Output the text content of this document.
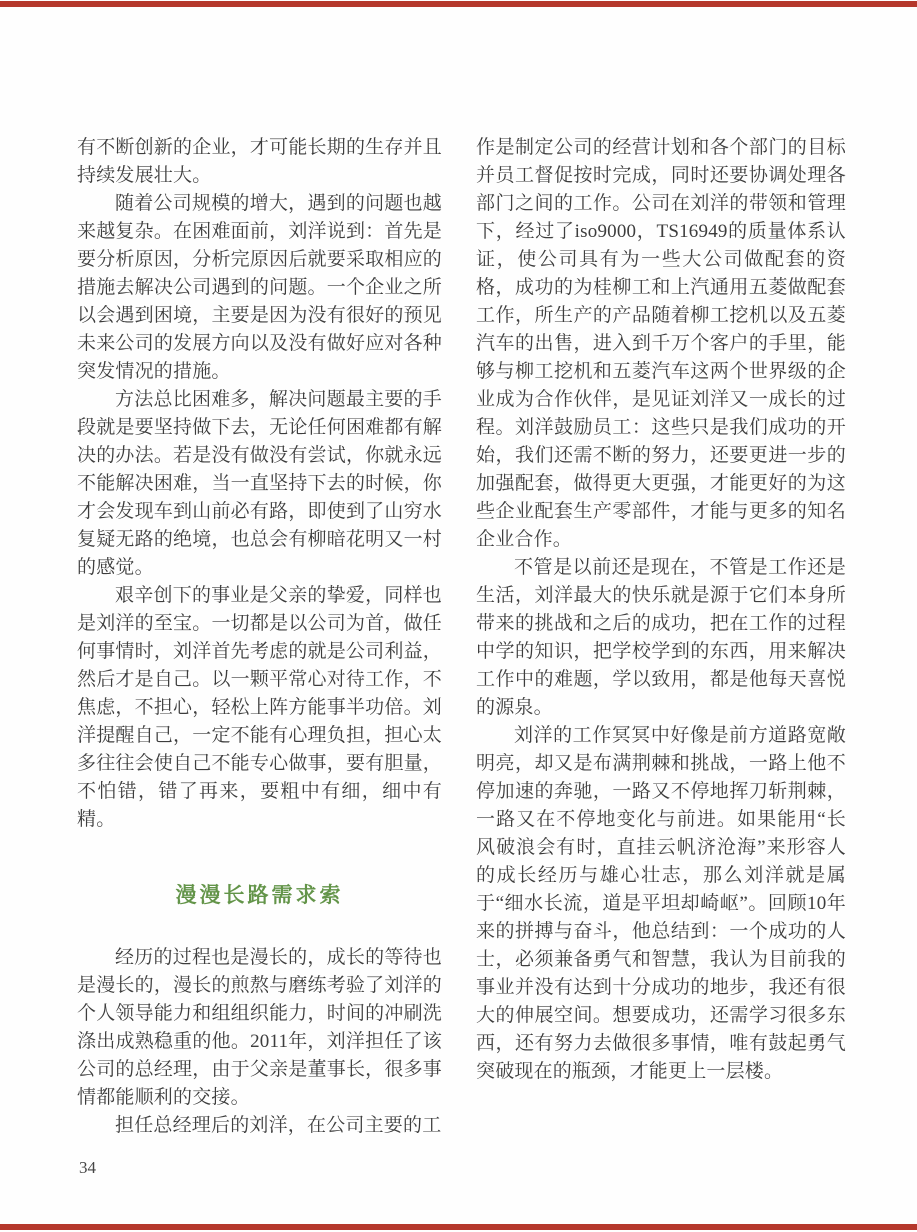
有不断创新的企业，才可能长期的生存并且持续发展壮大。

随着公司规模的增大，遇到的问题也越来越复杂。在困难面前，刘洋说到：首先是要分析原因，分析完原因后就要采取相应的措施去解决公司遇到的问题。一个企业之所以会遇到困境，主要是因为没有很好的预见未来公司的发展方向以及没有做好应对各种突发情况的措施。

方法总比困难多，解决问题最主要的手段就是要坚持做下去，无论任何困难都有解决的办法。若是没有做没有尝试，你就永远不能解决困难，当一直坚持下去的时候，你才会发现车到山前必有路，即使到了山穷水复疑无路的绝境，也总会有柳暗花明又一村的感觉。

艰辛创下的事业是父亲的挚爱，同样也是刘洋的至宝。一切都是以公司为首，做任何事情时，刘洋首先考虑的就是公司利益，然后才是自己。以一颗平常心对待工作，不焦虑，不担心，轻松上阵方能事半功倍。刘洋提醒自己，一定不能有心理负担，担心太多往往会使自己不能专心做事，要有胆量，不怕错，错了再来，要粗中有细，细中有精。

漫漫长路需求索

经历的过程也是漫长的，成长的等待也是漫长的，漫长的煎熬与磨练考验了刘洋的个人领导能力和组组织能力，时间的冲刷洗涤出成熟稳重的他。2011年，刘洋担任了该公司的总经理，由于父亲是董事长，很多事情都能顺利的交接。

担任总经理后的刘洋，在公司主要的工

作是制定公司的经营计划和各个部门的目标并员工督促按时完成，同时还要协调处理各部门之间的工作。公司在刘洋的带领和管理下，经过了iso9000，TS16949的质量体系认证，使公司具有为一些大公司做配套的资格，成功的为桂柳工和上汽通用五菱做配套工作，所生产的产品随着柳工挖机以及五菱汽车的出售，进入到千万个客户的手里，能够与柳工挖机和五菱汽车这两个世界级的企业成为合作伙伴，是见证刘洋又一成长的过程。刘洋鼓励员工：这些只是我们成功的开始，我们还需不断的努力，还要更进一步的加强配套，做得更大更强，才能更好的为这些企业配套生产零部件，才能与更多的知名企业合作。

不管是以前还是现在，不管是工作还是生活，刘洋最大的快乐就是源于它们本身所带来的挑战和之后的成功，把在工作的过程中学的知识，把学校学到的东西，用来解决工作中的难题，学以致用，都是他每天喜悦的源泉。

刘洋的工作冥冥中好像是前方道路宽敞明亮，却又是布满荆棘和挑战，一路上他不停加速的奔驰，一路又不停地挥刀斩荆棘，一路又在不停地变化与前进。如果能用“长风破浪会有时，直挂云帆济沧海”来形容人的成长经历与雄心壮志，那么刘洋就是属于“细水长流，道是平坦却崎岖”。回顾10年来的拼搏与奋斗，他总结到：一个成功的人士，必须兼备勇气和智慧，我认为目前我的事业并没有达到十分成功的地步，我还有很大的伸展空间。想要成功，还需学习很多东西，还有努力去做很多事情，唯有鼓起勇气突破现在的瓶颈，才能更上一层楼。

34
